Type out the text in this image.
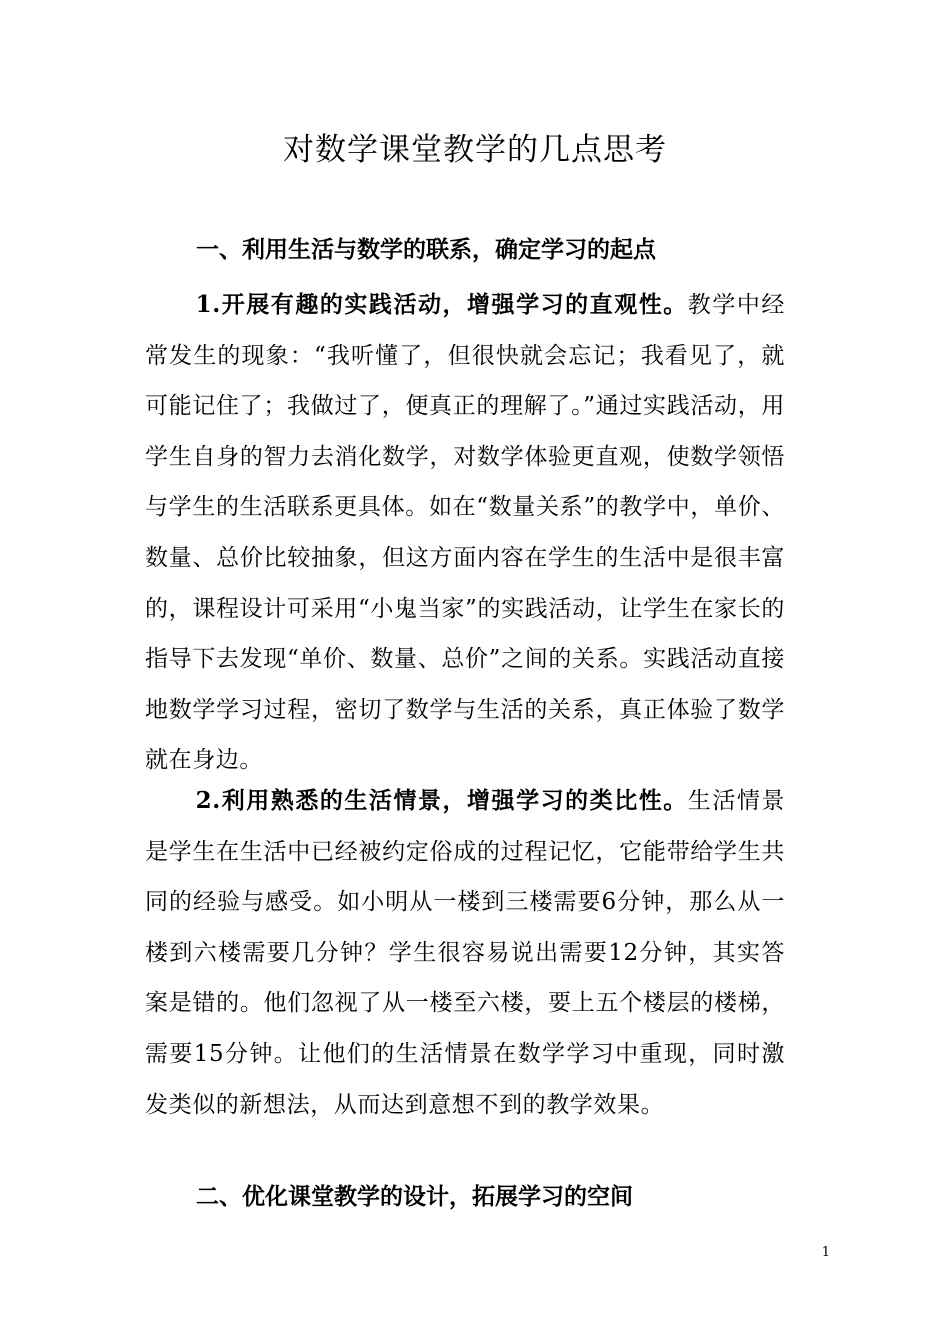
对数学课堂教学的几点思考
一、利用生活与数学的联系，确定学习的起点
1.开展有趣的实践活动，增强学习的直观性。教学中经常发生的现象：“我听懂了，但很快就会忘记；我看见了，就可能记住了；我做过了，便真正的理解了。”通过实践活动，用学生自身的智力去消化数学，对数学体验更直观，使数学领悟与学生的生活联系更具体。如在“数量关系”的教学中，单价、数量、总价比较抽象，但这方面内容在学生的生活中是很丰富的，课程设计可采用“小鬼当家”的实践活动，让学生在家长的指导下去发现“单价、数量、总价”之间的关系。实践活动直接地数学学习过程，密切了数学与生活的关系，真正体验了数学就在身边。
2.利用熟悉的生活情景，增强学习的类比性。生活情景是学生在生活中已经被约定俗成的过程记忆，它能带给学生共同的经验与感受。如小明从一楼到三楼需要6分钟，那么从一楼到六楼需要几分钟？学生很容易说出需要12分钟，其实答案是错的。他们忽视了从一楼至六楼，要上五个楼层的楼梯，需要15分钟。让他们的生活情景在数学学习中重现，同时激发类似的新想法，从而达到意想不到的教学效果。
二、优化课堂教学的设计，拓展学习的空间
1
